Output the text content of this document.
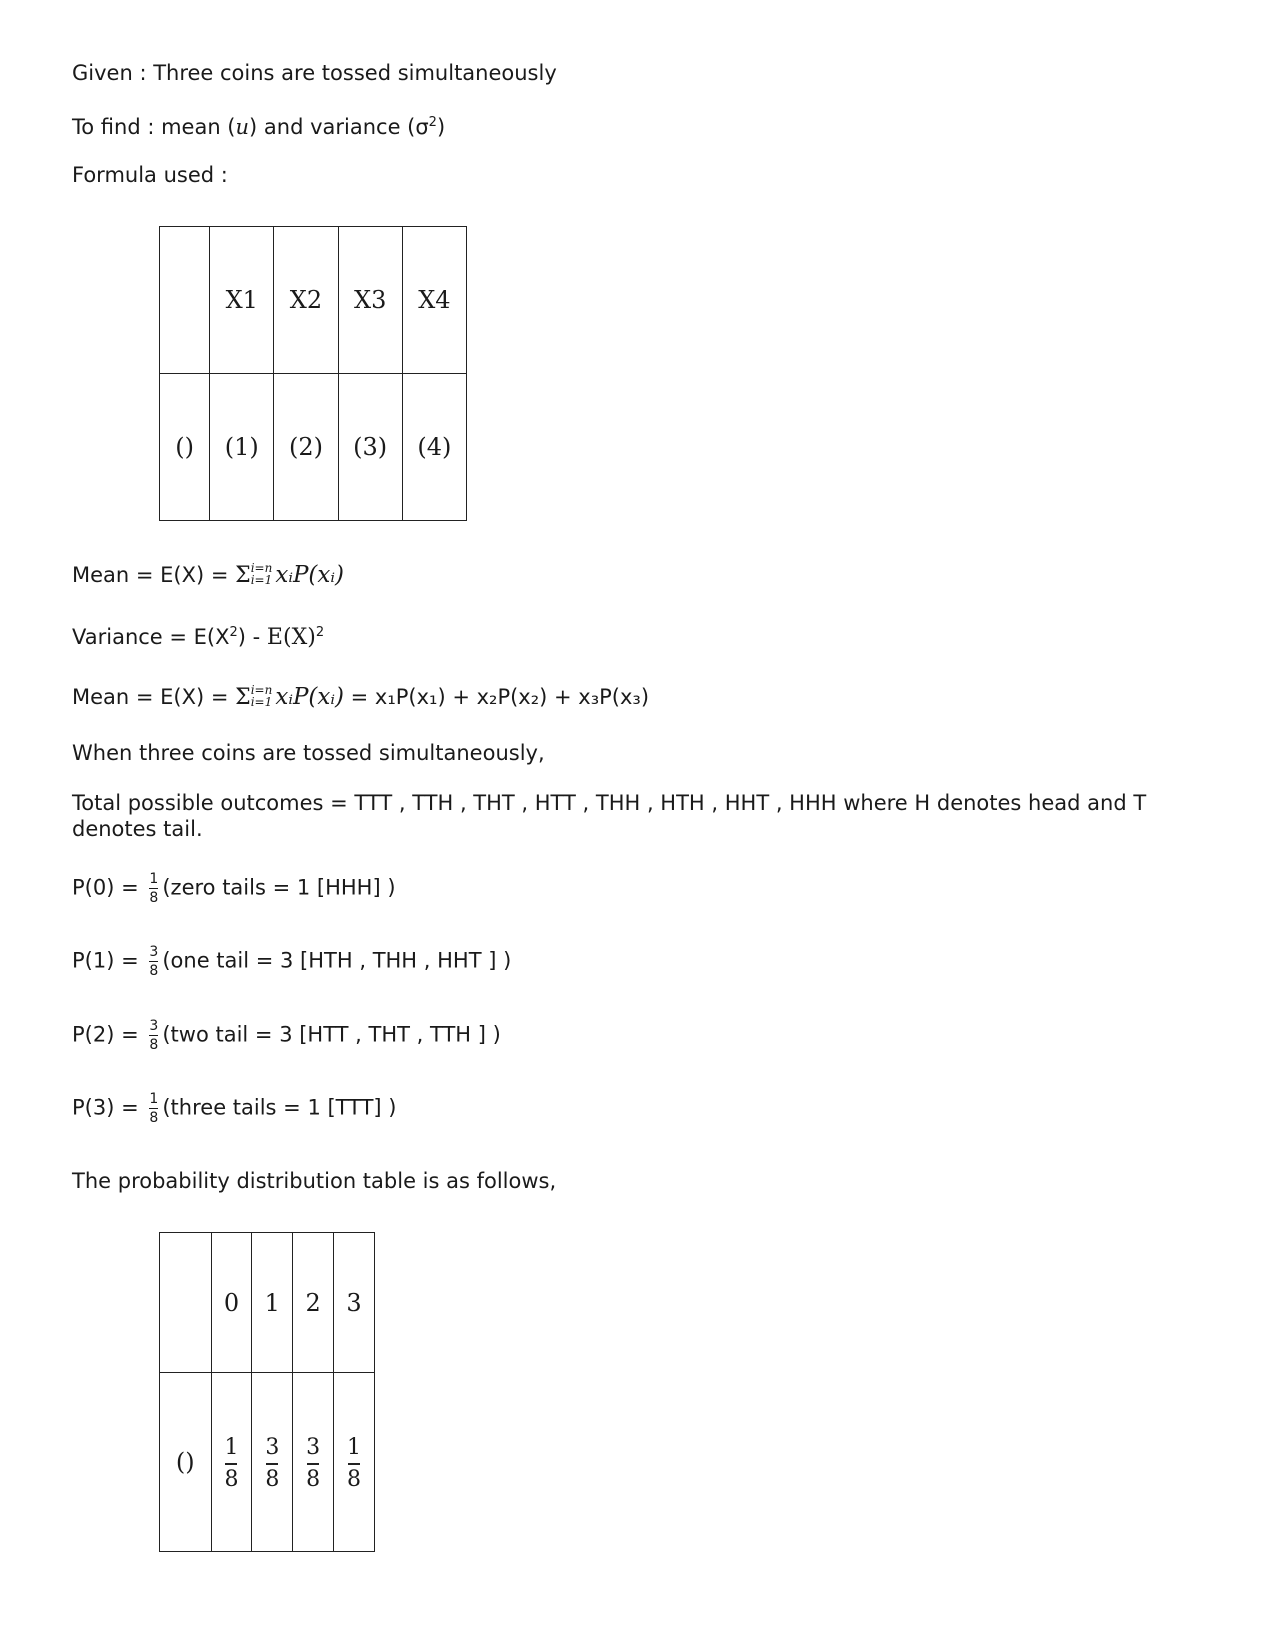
Given : Three coins are tossed simultaneously
To find : mean (u) and variance $(\sigma^2)$
Formula used :
	X1	X2	X3	X4
()	(1)	(2)	(3)	(4)
Mean = E(X) = Σ i=n
i=1 xᵢP(xᵢ)
Variance = $E(X^2) - E(X)^2$
Mean = E(X) = Σ i=n
i=1 xᵢP(xᵢ) = x₁P(x₁) + x₂P(x₂) + x₃P(x₃)
When three coins are tossed simultaneously,
Total possible outcomes = TTT , TTH , THT , HTT , THH , HTH , HHT , HHH where H denotes head and T denotes tail.
$P(0) = \frac{1}{8}$ (zero tails = 1 [HHH] )
$P(1) = \frac{3}{8} (one$ tail = 3 [HTH , THH , HHT ] )
$P(2) = \frac{3}{8} (two$ tail = 3 [HTT , THT , TTH ] )
$P(3) = \frac{1}{8}$ (three tails = 1 [TTT] )
The probability distribution table is as follows,
	0	1	2	3
()	$\frac{1}{8}$	$\frac{3}{8}$	$\frac{3}{8}$	$\frac{1}{8}$
